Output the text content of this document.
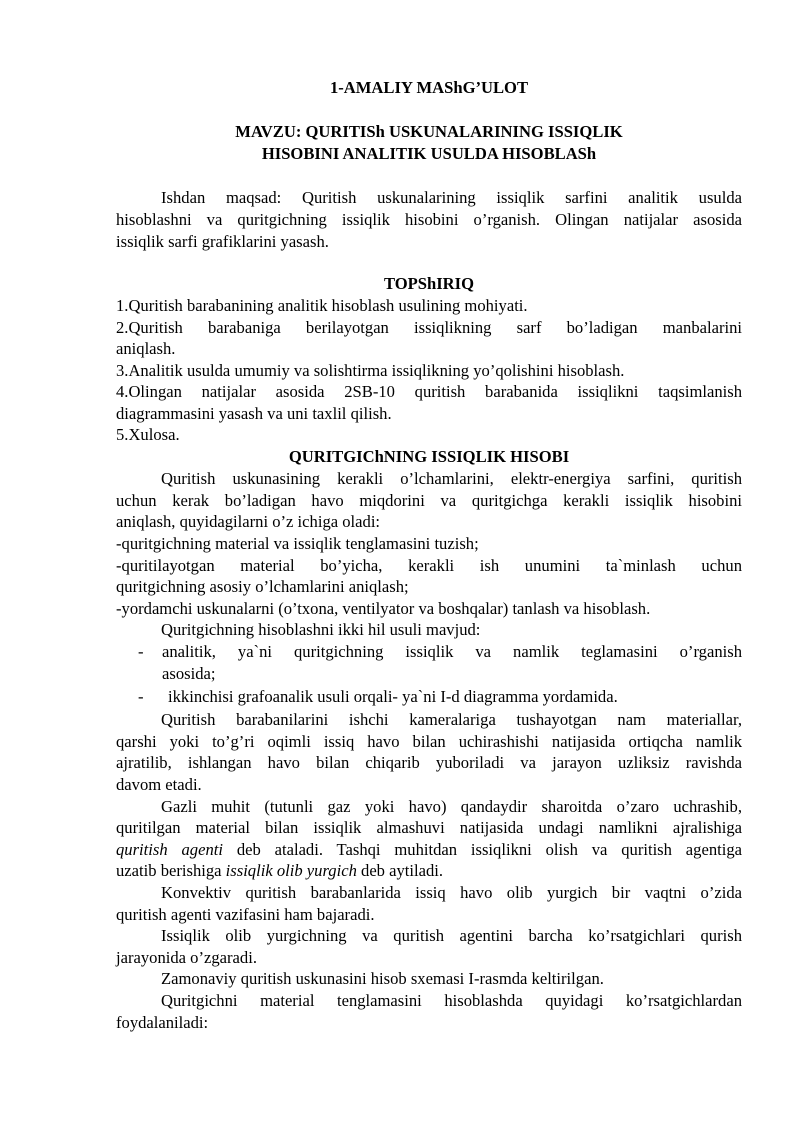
1-AMALIY MAShG’ULOT
MAVZU: QURITISh USKUNALARINING ISSIQLIK
HISOBINI ANALITIK USULDA HISOBLASh
Ishdan maqsad: Quritish uskunalarining issiqlik sarfini analitik usulda
hisoblashni va quritgichning issiqlik hisobini o’rganish. Olingan natijalar asosida
issiqlik sarfi grafiklarini yasash.
TOPShIRIQ
1.Quritish barabanining analitik hisoblash usulining mohiyati.
2.Quritish barabaniga berilayotgan issiqlikning sarf bo’ladigan manbalarini
aniqlash.
3.Analitik usulda umumiy va solishtirma issiqlikning yo’qolishini hisoblash.
4.Olingan natijalar asosida 2SB-10 quritish barabanida issiqlikni taqsimlanish
diagrammasini yasash va uni taxlil qilish.
5.Xulosa.
QURITGIChNING ISSIQLIK HISOBI
Quritish uskunasining kerakli o’lchamlarini, elektr-energiya sarfini, quritish
uchun kerak bo’ladigan havo miqdorini va quritgichga kerakli issiqlik hisobini
aniqlash, quyidagilarni o’z ichiga oladi:
-quritgichning material va issiqlik tenglamasini tuzish;
-quritilayotgan material bo’yicha, kerakli ish unumini ta`minlash uchun
quritgichning asosiy o’lchamlarini aniqlash;
-yordamchi uskunalarni (o’txona, ventilyator va boshqalar) tanlash va hisoblash.
Quritgichning hisoblashni ikki hil usuli mavjud:
- analitik, ya`ni quritgichning issiqlik va namlik teglamasini o’rganish
asosida;
- ikkinchisi grafoanalik usuli orqali- ya`ni I-d diagramma yordamida.
Quritish barabanilarini ishchi kameralariga tushayotgan nam materiallar,
qarshi yoki to’g’ri oqimli issiq havo bilan uchirashishi natijasida ortiqcha namlik
ajratilib, ishlangan havo bilan chiqarib yuboriladi va jarayon uzliksiz ravishda
davom etadi.
Gazli muhit (tutunli gaz yoki havo) qandaydir sharoitda o’zaro uchrashib,
quritilgan material bilan issiqlik almashuvi natijasida undagi namlikni ajralishiga
quritish agenti deb ataladi. Tashqi muhitdan issiqlikni olish va quritish agentiga
uzatib berishiga issiqlik olib yurgich deb aytiladi.
Konvektiv quritish barabanlarida issiq havo olib yurgich bir vaqtni o’zida
quritish agenti vazifasini ham bajaradi.
Issiqlik olib yurgichning va quritish agentini barcha ko’rsatgichlari qurish
jarayonida o’zgaradi.
Zamonaviy quritish uskunasini hisob sxemasi I-rasmda keltirilgan.
Quritgichni material tenglamasini hisoblashda quyidagi ko’rsatgichlardan
foydalaniladi:
